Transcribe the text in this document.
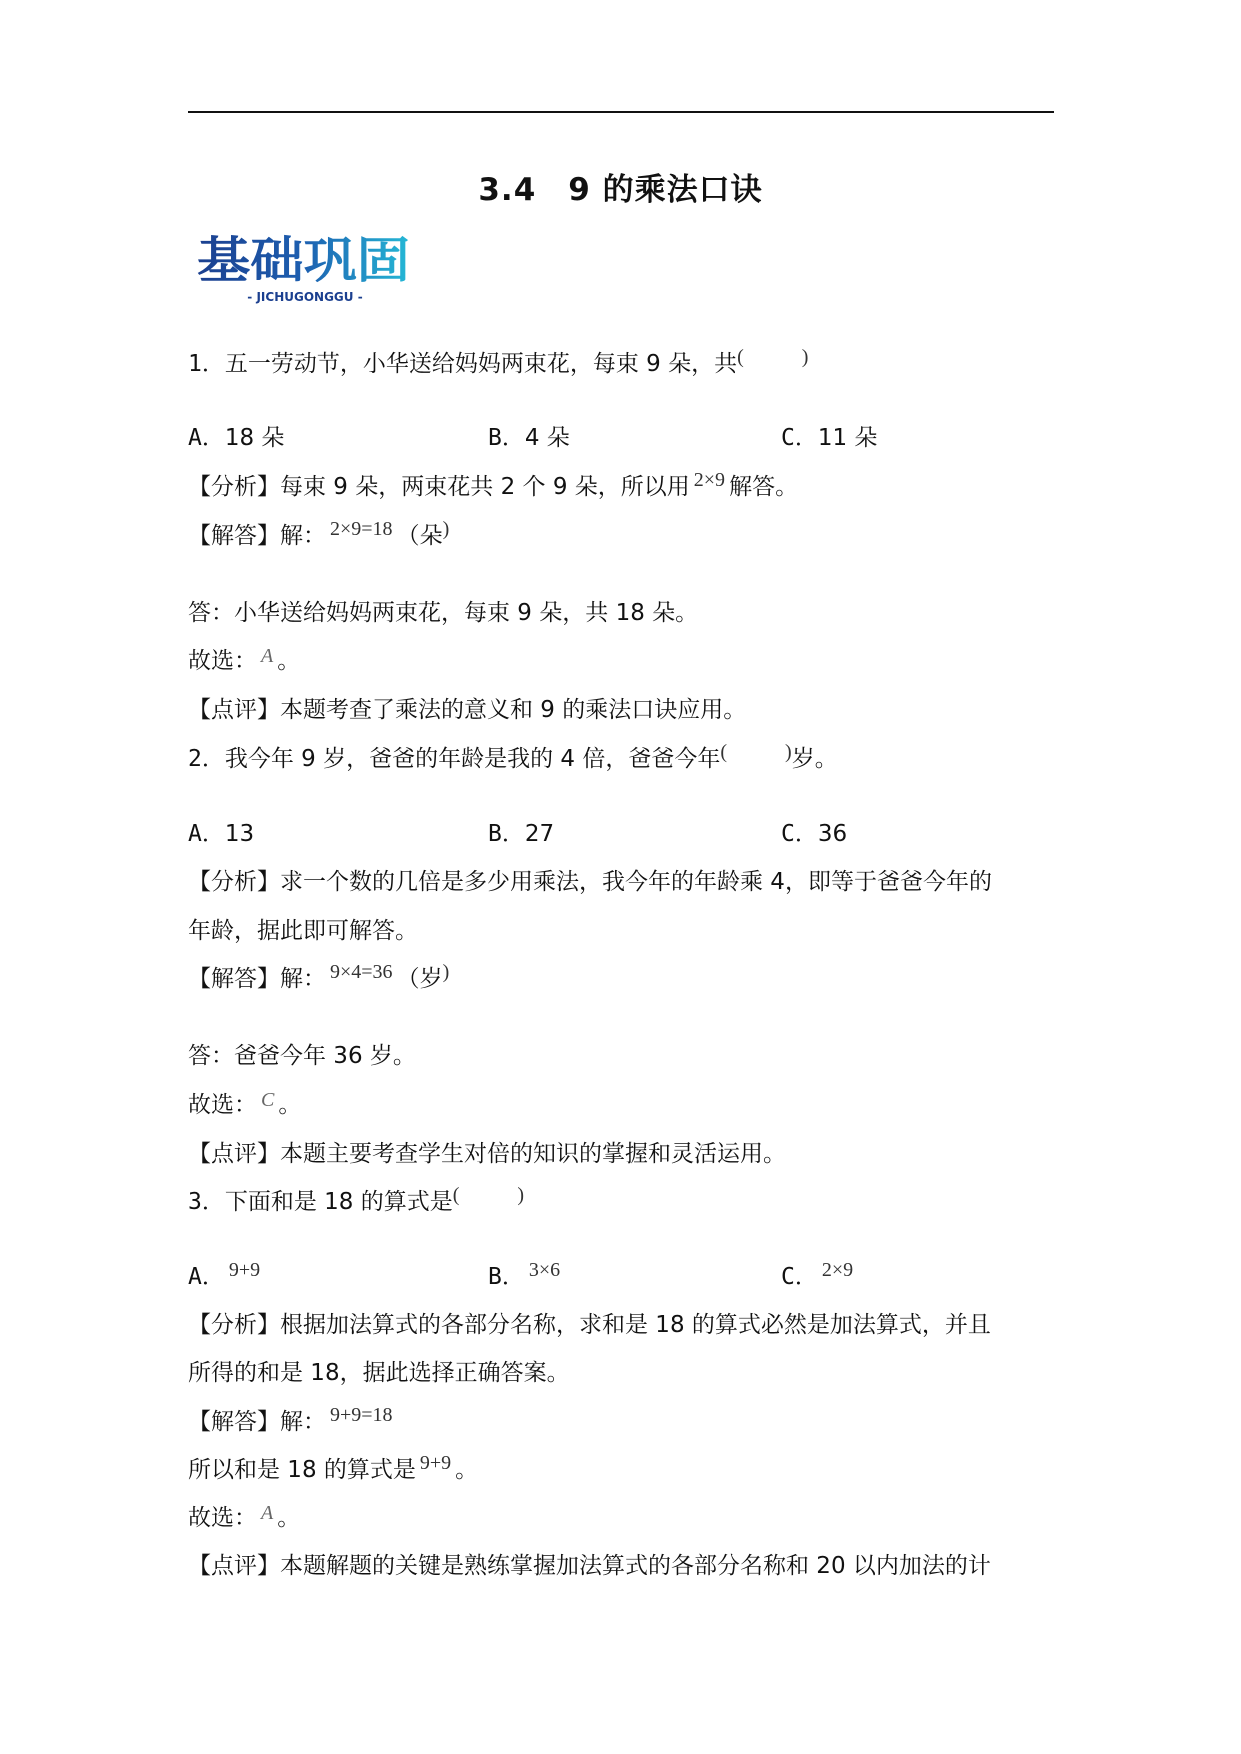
3.4　9 的乘法口诀
基础巩固
- JICHUGONGGU -
1．五一劳动节，小华送给妈妈两束花，每束 9 朵，共(	)
A．18 朵	B．4 朵	C．11 朵
【分析】每束 9 朵，两束花共 2 个 9 朵，所以用 2×9 解答。
【解答】解： 2×9=18 （朵)
答：小华送给妈妈两束花，每束 9 朵，共 18 朵。
故选： A 。
【点评】本题考查了乘法的意义和 9 的乘法口诀应用。
2．我今年 9 岁，爸爸的年龄是我的 4 倍，爸爸今年(	)岁。
A．13	B．27	C．36
【分析】求一个数的几倍是多少用乘法，我今年的年龄乘 4，即等于爸爸今年的
年龄，据此即可解答。
【解答】解： 9×4=36 （岁)
答：爸爸今年 36 岁。
故选： C 。
【点评】本题主要考查学生对倍的知识的掌握和灵活运用。
3．下面和是 18 的算式是(	)
A． 9+9	B． 3×6	C． 2×9
【分析】根据加法算式的各部分名称，求和是 18 的算式必然是加法算式，并且
所得的和是 18，据此选择正确答案。
【解答】解： 9+9=18
所以和是 18 的算式是 9+9 。
故选： A 。
【点评】本题解题的关键是熟练掌握加法算式的各部分名称和 20 以内加法的计
